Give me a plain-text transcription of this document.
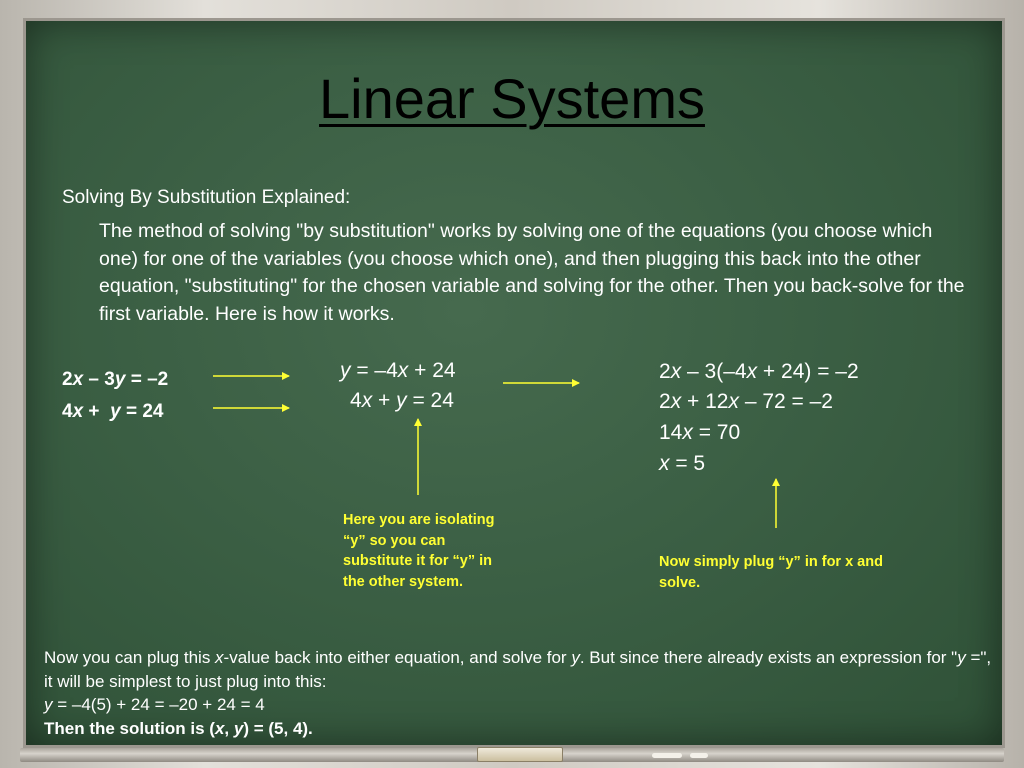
Linear Systems
Solving By Substitution Explained:
The method of solving "by substitution" works by solving one of the equations (you choose which one) for one of the variables (you choose which one), and then plugging this back into the other equation, "substituting" for the chosen variable and solving for the other. Then you back-solve for the first variable. Here is how it works.
2x – 3y = –2
4x +  y = 24
y = –4x + 24
4x + y = 24
2x – 3(–4x + 24) = –2
2x + 12x – 72 = –2
14x = 70
x = 5
Here you are isolating “y” so you can substitute it for “y” in the other system.
Now simply plug “y” in for x and solve.
Now you can plug this x-value back into either equation, and solve for y. But since there already exists an expression for "y =", it will be simplest to just plug into this:
y = –4(5) + 24 = –20 + 24 = 4
Then the solution is (x, y) = (5, 4).
